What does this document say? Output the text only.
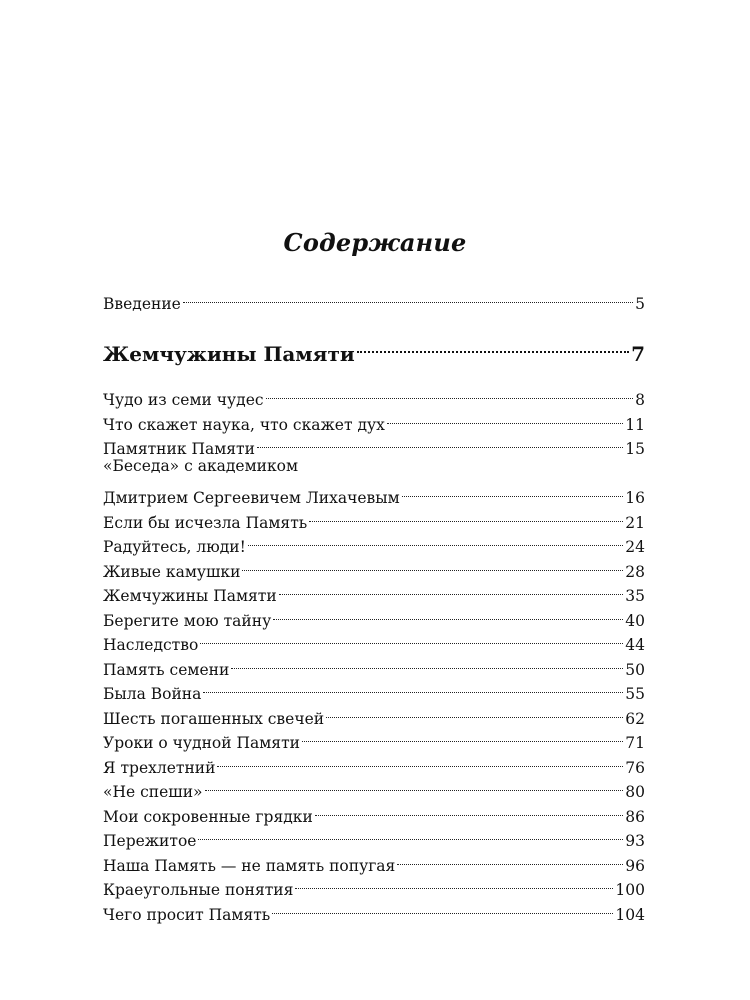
Содержание
Введение	5
Жемчужины Памяти	7
Чудо из семи чудес	8
Что скажет наука, что скажет дух	11
Памятник Памяти	15
«Беседа» с академиком
Дмитрием Сергеевичем Лихачевым	16
Если бы исчезла Память	21
Радуйтесь, люди!	24
Живые камушки	28
Жемчужины Памяти	35
Берегите мою тайну	40
Наследство	44
Память семени	50
Была Война	55
Шесть погашенных свечей	62
Уроки о чудной Памяти	71
Я трехлетний	76
«Не спеши»	80
Мои сокровенные грядки	86
Пережитое	93
Наша Память — не память попугая	96
Краеугольные понятия	100
Чего просит Память	104
